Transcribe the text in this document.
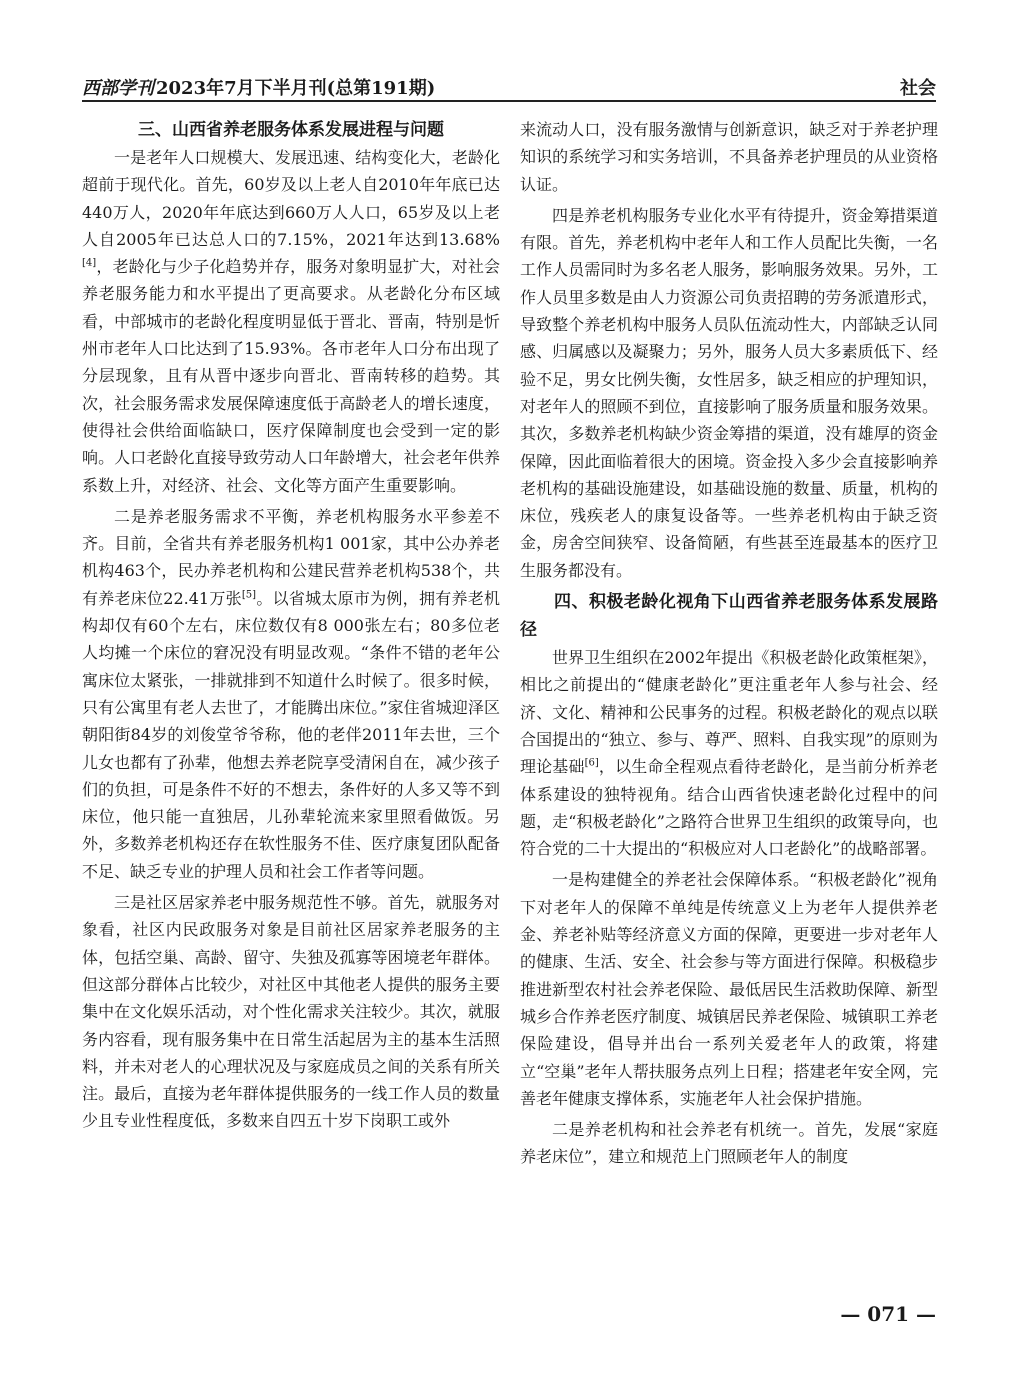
西部学刊 2023年7月下半月刊(总第191期)	社会
三、山西省养老服务体系发展进程与问题

一是老年人口规模大、发展迅速、结构变化大，老龄化超前于现代化。首先，60岁及以上老人自2010年年底已达440万人，2020年年底达到660万人人口，65岁及以上老人自2005年已达总人口的7.15%，2021年达到13.68%[4]，老龄化与少子化趋势并存，服务对象明显扩大，对社会养老服务能力和水平提出了更高要求。从老龄化分布区域看，中部城市的老龄化程度明显低于晋北、晋南，特别是忻州市老年人口比达到了15.93%。各市老年人口分布出现了分层现象，且有从晋中逐步向晋北、晋南转移的趋势。其次，社会服务需求发展保障速度低于高龄老人的增长速度，使得社会供给面临缺口，医疗保障制度也会受到一定的影响。人口老龄化直接导致劳动人口年龄增大，社会老年供养系数上升，对经济、社会、文化等方面产生重要影响。

二是养老服务需求不平衡，养老机构服务水平参差不齐。目前，全省共有养老服务机构1 001家，其中公办养老机构463个，民办养老机构和公建民营养老机构538个，共有养老床位22.41万张[5]。以省城太原市为例，拥有养老机构却仅有60个左右，床位数仅有8 000张左右；80多位老人均摊一个床位的窘况没有明显改观。“条件不错的老年公寓床位太紧张，一排就排到不知道什么时候了。很多时候，只有公寓里有老人去世了，才能腾出床位。”家住省城迎泽区朝阳街84岁的刘俊堂爷爷称，他的老伴2011年去世，三个儿女也都有了孙辈，他想去养老院享受清闲自在，减少孩子们的负担，可是条件不好的不想去，条件好的人多又等不到床位，他只能一直独居，儿孙辈轮流来家里照看做饭。另外，多数养老机构还存在软性服务不佳、医疗康复团队配备不足、缺乏专业的护理人员和社会工作者等问题。

三是社区居家养老中服务规范性不够。首先，就服务对象看，社区内民政服务对象是目前社区居家养老服务的主体，包括空巢、高龄、留守、失独及孤寡等困境老年群体。但这部分群体占比较少，对社区中其他老人提供的服务主要集中在文化娱乐活动，对个性化需求关注较少。其次，就服务内容看，现有服务集中在日常生活起居为主的基本生活照料，并未对老人的心理状况及与家庭成员之间的关系有所关注。最后，直接为老年群体提供服务的一线工作人员的数量少且专业性程度低，多数来自四五十岁下岗职工或外

来流动人口，没有服务激情与创新意识，缺乏对于养老护理知识的系统学习和实务培训，不具备养老护理员的从业资格认证。

四是养老机构服务专业化水平有待提升，资金筹措渠道有限。首先，养老机构中老年人和工作人员配比失衡，一名工作人员需同时为多名老人服务，影响服务效果。另外，工作人员里多数是由人力资源公司负责招聘的劳务派遣形式，导致整个养老机构中服务人员队伍流动性大，内部缺乏认同感、归属感以及凝聚力；另外，服务人员大多素质低下、经验不足，男女比例失衡，女性居多，缺乏相应的护理知识，对老年人的照顾不到位，直接影响了服务质量和服务效果。其次，多数养老机构缺少资金筹措的渠道，没有雄厚的资金保障，因此面临着很大的困境。资金投入多少会直接影响养老机构的基础设施建设，如基础设施的数量、质量，机构的床位，残疾老人的康复设备等。一些养老机构由于缺乏资金，房舍空间狭窄、设备简陋，有些甚至连最基本的医疗卫生服务都没有。

四、积极老龄化视角下山西省养老服务体系发展路径

世界卫生组织在2002年提出《积极老龄化政策框架》，相比之前提出的“健康老龄化”更注重老年人参与社会、经济、文化、精神和公民事务的过程。积极老龄化的观点以联合国提出的“独立、参与、尊严、照料、自我实现”的原则为理论基础[6]，以生命全程观点看待老龄化，是当前分析养老体系建设的独特视角。结合山西省快速老龄化过程中的问题，走“积极老龄化”之路符合世界卫生组织的政策导向，也符合党的二十大提出的“积极应对人口老龄化”的战略部署。

一是构建健全的养老社会保障体系。“积极老龄化”视角下对老年人的保障不单纯是传统意义上为老年人提供养老金、养老补贴等经济意义方面的保障，更要进一步对老年人的健康、生活、安全、社会参与等方面进行保障。积极稳步推进新型农村社会养老保险、最低居民生活救助保障、新型城乡合作养老医疗制度、城镇居民养老保险、城镇职工养老保险建设，倡导并出台一系列关爱老年人的政策，将建立“空巢”老年人帮扶服务点列上日程；搭建老年安全网，完善老年健康支撑体系，实施老年人社会保护措施。

二是养老机构和社会养老有机统一。首先，发展“家庭养老床位”，建立和规范上门照顾老年人的制度

— 071 —
